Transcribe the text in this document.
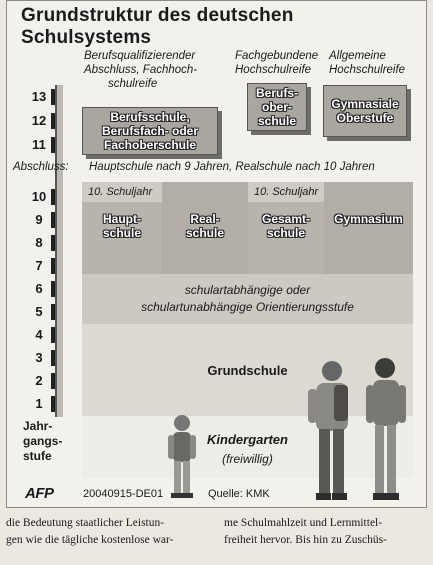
Grundstruktur des deutschen Schulsystems
Berufsqualifizierender
Abschluss, Fachhoch-
schulreife
Fachgebundene
Hochschulreife
Allgemeine
Hochschulreife
13
12
11
Berufsschule,
Berufsfach- oder
Fachoberschule
Berufs-
ober-
schule
Gymnasiale
Oberstufe
Abschluss: Hauptschule nach 9 Jahren, Realschule nach 10 Jahren
10
9
8
7
6
5
4
3
2
1
10. Schuljahr
Haupt-
schule
Real-
schule
10. Schuljahr
Gesamt-
schule
Gymnasium
schulartabhängige oder
schulartunabhängige Orientierungsstufe
Grundschule
Kindergarten
(freiwillig)
Jahr-
gangs-
stufe
AFP	20040915-DE01	Quelle: KMK
die Bedeutung staatlicher Leistun-
gen wie die tägliche kostenlose war-
me Schulmahlzeit und Lernmittel-
freiheit hervor. Bis hin zu Zuschüs-
